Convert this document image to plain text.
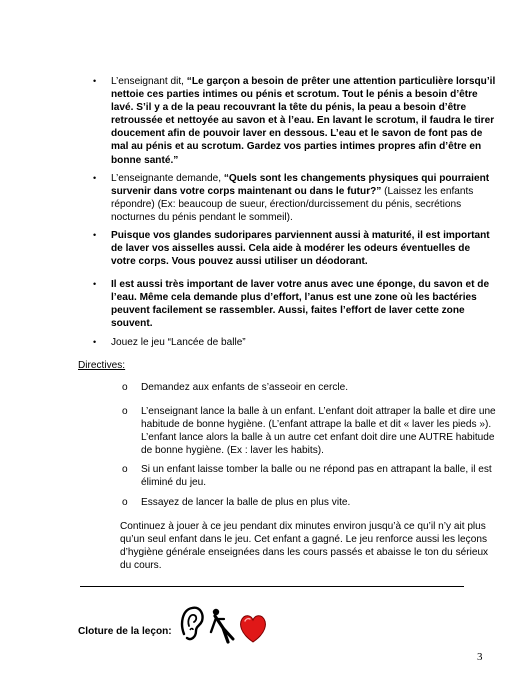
•	L’enseignant dit, “Le garçon a besoin de prêter une attention particulière lorsqu’il nettoie ces parties intimes ou pénis et scrotum. Tout le pénis a besoin d’être lavé. S’il y a de la peau recouvrant la tête du pénis, la peau a besoin d’être retroussée et nettoyée au savon et à l’eau. En lavant le scrotum, il faudra le tirer doucement afin de pouvoir laver en dessous. L’eau et le savon de font pas de mal au pénis et au scrotum. Gardez vos parties intimes propres afin d’être en bonne santé.”
•	L’enseignante demande, “Quels sont les changements physiques qui pourraient survenir dans votre corps maintenant ou dans le futur?” (Laissez les enfants répondre) (Ex: beaucoup de sueur, érection/durcissement du pénis, secrétions nocturnes du pénis pendant le sommeil).
•	Puisque vos glandes sudoripares parviennent aussi à maturité, il est important de laver vos aisselles aussi. Cela aide à modérer les odeurs éventuelles de votre corps. Vous pouvez aussi utiliser un déodorant.
•	Il est aussi très important de laver votre anus avec une éponge, du savon et de l’eau. Même cela demande plus d’effort, l’anus est une zone où les bactéries peuvent facilement se rassembler. Aussi, faites l’effort de laver cette zone souvent.
•	Jouez le jeu “Lancée de balle”
Directives:
o	Demandez aux enfants de s’asseoir en cercle.
o	L’enseignant lance la balle à un enfant. L’enfant doit attraper la balle et dire une habitude de bonne hygiène. (L’enfant attrape la balle et dit « laver les pieds »). L’enfant lance alors la balle à un autre cet enfant doit dire une AUTRE habitude de bonne hygiène. (Ex : laver les habits).
o	Si un enfant laisse tomber la balle ou ne répond pas en attrapant la balle, il est éliminé du jeu.
o	Essayez de lancer la balle de plus en plus vite.
Continuez à jouer à ce jeu pendant dix minutes environ jusqu’à ce qu’il n’y ait plus qu’un seul enfant dans le jeu. Cet enfant a gagné. Le jeu renforce aussi les leçons d’hygiène générale enseignées dans les cours passés et abaisse le ton du sérieux du cours.
Cloture de la leçon:
3
